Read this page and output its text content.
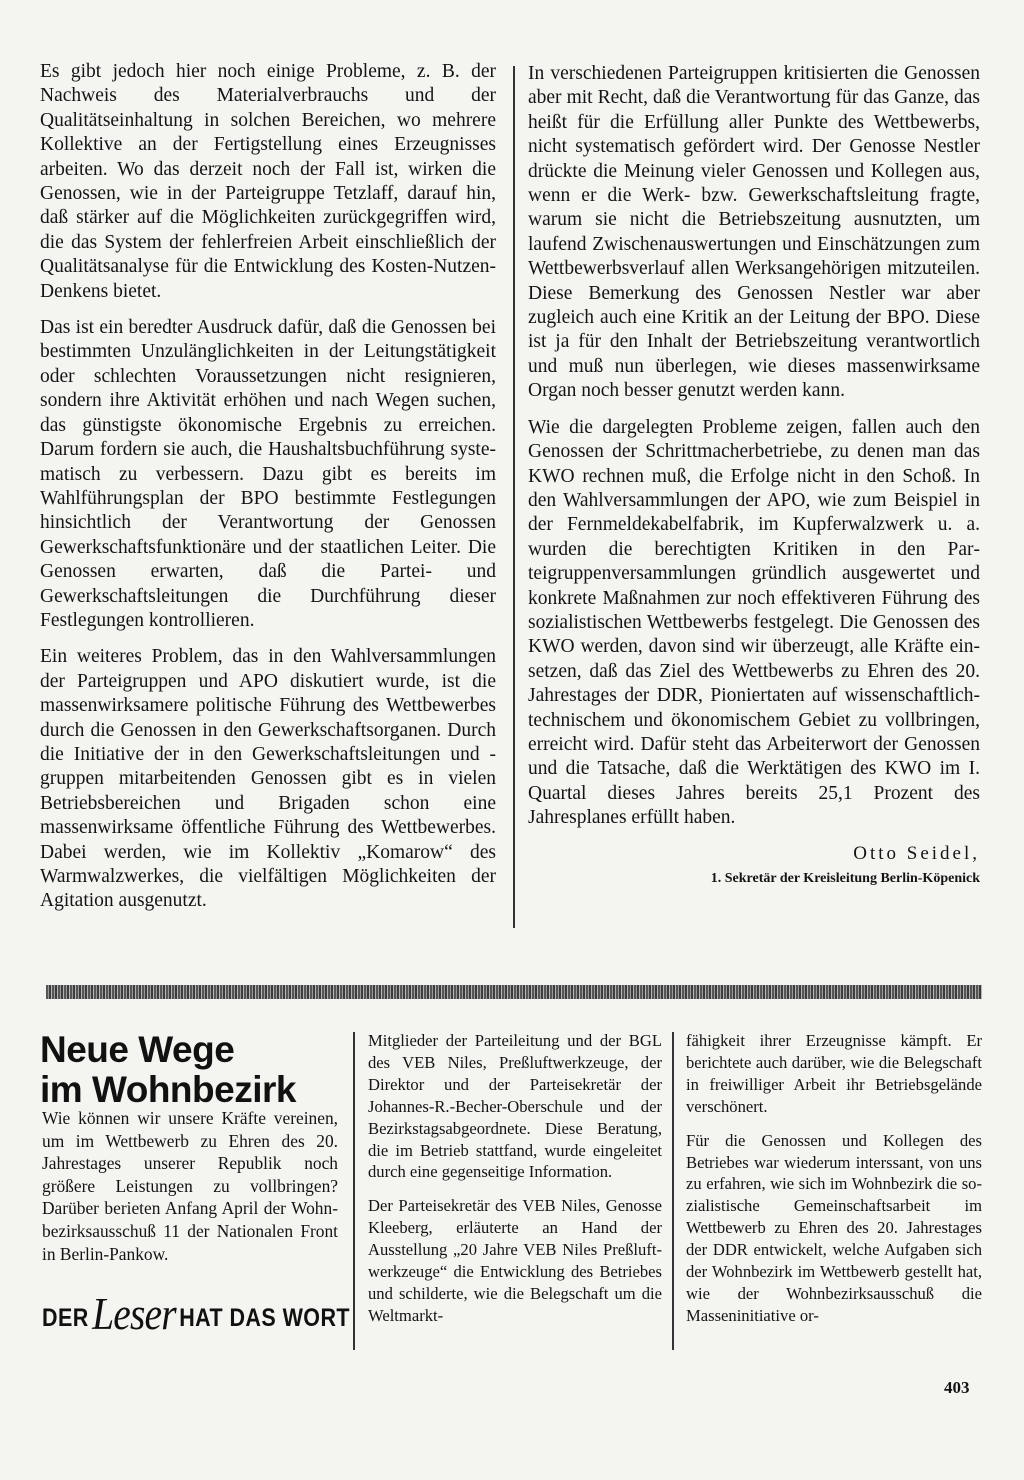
Es gibt jedoch hier noch einige Probleme, z. B. der Nachweis des Materialverbrauchs und der Qualitätseinhaltung in solchen Bereichen, wo mehrere Kollektive an der Fertigstellung eines Erzeugnisses arbeiten. Wo das derzeit noch der Fall ist, wirken die Genossen, wie in der Parteigruppe Tetzlaff, darauf hin, daß stärker auf die Möglichkeiten zurückgegriffen wird, die das System der fehlerfreien Arbeit einschließlich der Qualitätsanalyse für die Entwicklung des Kosten-Nutzen-Denkens bietet.

Das ist ein beredter Ausdruck dafür, daß die Genossen bei bestimmten Unzulänglichkeiten in der Leitungstätigkeit oder schlechten Voraussetzungen nicht resignieren, sondern ihre Aktivität erhöhen und nach Wegen suchen, das günstigste ökonomische Ergebnis zu erreichen. Darum fordern sie auch, die Haushaltsbuchführung systematisch zu verbessern. Dazu gibt es bereits im Wahlführungsplan der BPO bestimmte Festlegungen hinsichtlich der Verantwortung der Genossen Gewerkschaftsfunktionäre und der staatlichen Leiter. Die Genossen erwarten, daß die Partei- und Gewerkschaftsleitungen die Durchführung dieser Festlegungen kontrollieren.

Ein weiteres Problem, das in den Wahlversammlungen der Parteigruppen und APO diskutiert wurde, ist die massenwirksamere politische Führung des Wettbewerbes durch die Genossen in den Gewerkschaftsorganen. Durch die Initiative der in den Gewerkschaftsleitungen und -gruppen mitarbeitenden Genossen gibt es in vielen Betriebsbereichen und Brigaden schon eine massenwirksame öffentliche Führung des Wettbewerbes. Dabei werden, wie im Kollektiv „Komarow“ des Warmwalzwerkes, die vielfältigen Möglichkeiten der Agitation ausgenutzt.

In verschiedenen Parteigruppen kritisierten die Genossen aber mit Recht, daß die Verantwortung für das Ganze, das heißt für die Erfüllung aller Punkte des Wettbewerbs, nicht systematisch gefördert wird. Der Genosse Nestler drückte die Meinung vieler Genossen und Kollegen aus, wenn er die Werk- bzw. Gewerkschaftsleitung fragte, warum sie nicht die Betriebszeitung ausnutzten, um laufend Zwischenauswertungen und Einschätzungen zum Wettbewerbsverlauf allen Werksangehörigen mitzuteilen. Diese Bemerkung des Genossen Nestler war aber zugleich auch eine Kritik an der Leitung der BPO. Diese ist ja für den Inhalt der Betriebszeitung verantwortlich und muß nun überlegen, wie dieses massenwirksame Organ noch besser genutzt werden kann.

Wie die dargelegten Probleme zeigen, fallen auch den Genossen der Schrittmacherbetriebe, zu denen man das KWO rechnen muß, die Erfolge nicht in den Schoß. In den Wahlversammlungen der APO, wie zum Beispiel in der Fernmeldekabelfabrik, im Kupferwalzwerk u. a. wurden die berechtigten Kritiken in den Parteigruppenversammlungen gründlich ausgewertet und konkrete Maßnahmen zur noch effektiveren Führung des sozialistischen Wettbewerbs festgelegt. Die Genossen des KWO werden, davon sind wir überzeugt, alle Kräfte einsetzen, daß das Ziel des Wettbewerbs zu Ehren des 20. Jahrestages der DDR, Pioniertaten auf wissenschaftlich-technischem und ökonomischem Gebiet zu vollbringen, erreicht wird. Dafür steht das Arbeiterwort der Genossen und die Tatsache, daß die Werktätigen des KWO im I. Quartal dieses Jahres bereits 25,1 Prozent des Jahresplanes erfüllt haben.

Otto Seidel,
1. Sekretär der Kreisleitung Berlin-Köpenick
Neue Wege
im Wohnbezirk

Wie können wir unsere Kräfte vereinen, um im Wettbewerb zu Ehren des 20. Jahrestages unserer Republik noch größere Leistungen zu vollbringen? Darüber berieten Anfang April der Wohnbezirksausschuß 11 der Nationalen Front in Berlin-Pankow.

DER Leser HAT DAS WORT

Mitglieder der Parteileitung und der BGL des VEB Niles, Preßluftwerkzeuge, der Direktor und der Parteisekretär der Johannes-R.-Becher-Oberschule und der Bezirkstagsabgeordnete. Diese Beratung, die im Betrieb stattfand, wurde eingeleitet durch eine gegenseitige Information.

Der Parteisekretär des VEB Niles, Genosse Kleeberg, erläuterte an Hand der Ausstellung „20 Jahre VEB Niles Preßluftwerkzeuge“ die Entwicklung des Betriebes und schilderte, wie die Belegschaft um die Weltmarkt-

fähigkeit ihrer Erzeugnisse kämpft. Er berichtete auch darüber, wie die Belegschaft in freiwilliger Arbeit ihr Betriebsgelände verschönert.

Für die Genossen und Kollegen des Betriebes war wiederum interssant, von uns zu erfahren, wie sich im Wohnbezirk die sozialistische Gemeinschaftsarbeit im Wettbewerb zu Ehren des 20. Jahrestages der DDR entwickelt, welche Aufgaben sich der Wohnbezirk im Wettbewerb gestellt hat, wie der Wohnbezirksausschuß die Masseninitiative or-

403
